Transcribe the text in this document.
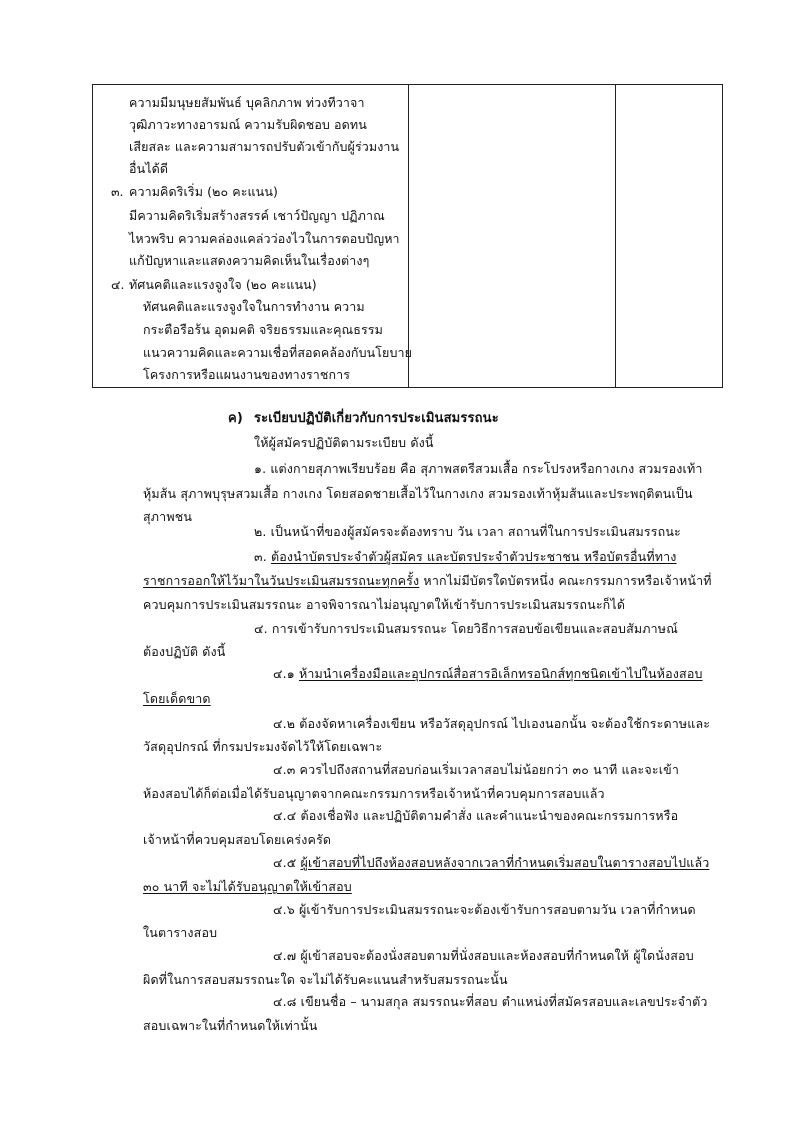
ความมีมนุษยสัมพันธ์ บุคลิกภาพ ท่วงทีวาจา
วุฒิภาวะทางอารมณ์ ความรับผิดชอบ อดทน
เสียสละ และความสามารถปรับตัวเข้ากับผู้ร่วมงาน
อื่นได้ดี
๓. ความคิดริเริ่ม (๒๐ คะแนน)
มีความคิดริเริ่มสร้างสรรค์ เชาว์ปัญญา ปฏิภาณ
ไหวพริบ ความคล่องแคล่วว่องไวในการตอบปัญหา
แก้ปัญหาและแสดงความคิดเห็นในเรื่องต่างๆ
๔. ทัศนคติและแรงจูงใจ (๒๐ คะแนน)
ทัศนคติและแรงจูงใจในการทำงาน ความ
กระตือรือร้น อุดมคติ จริยธรรมและคุณธรรม
แนวความคิดและความเชื่อที่สอดคล้องกับนโยบาย
โครงการหรือแผนงานของทางราชการ
ค) ระเบียบปฏิบัติเกี่ยวกับการประเมินสมรรถนะ
ให้ผู้สมัครปฏิบัติตามระเบียบ ดังนี้
๑. แต่งกายสุภาพเรียบร้อย คือ สุภาพสตรีสวมเสื้อ กระโปรงหรือกางเกง สวมรองเท้า
หุ้มส้น สุภาพบุรุษสวมเสื้อ กางเกง โดยสอดชายเสื้อไว้ในกางเกง สวมรองเท้าหุ้มส้นและประพฤติตนเป็น
สุภาพชน
๒. เป็นหน้าที่ของผู้สมัครจะต้องทราบ วัน เวลา สถานที่ในการประเมินสมรรถนะ
๓. ต้องนำบัตรประจำตัวผู้สมัคร และบัตรประจำตัวประชาชน หรือบัตรอื่นที่ทาง
ราชการออกให้ไว้มาในวันประเมินสมรรถนะทุกครั้ง หากไม่มีบัตรใดบัตรหนึ่ง คณะกรรมการหรือเจ้าหน้าที่
ควบคุมการประเมินสมรรถนะ อาจพิจารณาไม่อนุญาตให้เข้ารับการประเมินสมรรถนะก็ได้
๔. การเข้ารับการประเมินสมรรถนะ โดยวิธีการสอบข้อเขียนและสอบสัมภาษณ์
ต้องปฏิบัติ ดังนี้
๔.๑ ห้ามนำเครื่องมือและอุปกรณ์สื่อสารอิเล็กทรอนิกส์ทุกชนิดเข้าไปในห้องสอบ
โดยเด็ดขาด
๔.๒ ต้องจัดหาเครื่องเขียน หรือวัสดุอุปกรณ์ ไปเองนอกนั้น จะต้องใช้กระดาษและ
วัสดุอุปกรณ์ ที่กรมประมงจัดไว้ให้โดยเฉพาะ
๔.๓ ควรไปถึงสถานที่สอบก่อนเริ่มเวลาสอบไม่น้อยกว่า ๓๐ นาที และจะเข้า
ห้องสอบได้ก็ต่อเมื่อได้รับอนุญาตจากคณะกรรมการหรือเจ้าหน้าที่ควบคุมการสอบแล้ว
๔.๔ ต้องเชื่อฟัง และปฏิบัติตามคำสั่ง และคำแนะนำของคณะกรรมการหรือ
เจ้าหน้าที่ควบคุมสอบโดยเคร่งครัด
๔.๕ ผู้เข้าสอบที่ไปถึงห้องสอบหลังจากเวลาที่กำหนดเริ่มสอบในตารางสอบไปแล้ว
๓๐ นาที จะไม่ได้รับอนุญาตให้เข้าสอบ
๔.๖ ผู้เข้ารับการประเมินสมรรถนะจะต้องเข้ารับการสอบตามวัน เวลาที่กำหนด
ในตารางสอบ
๔.๗ ผู้เข้าสอบจะต้องนั่งสอบตามที่นั่งสอบและห้องสอบที่กำหนดให้ ผู้ใดนั่งสอบ
ผิดที่ในการสอบสมรรถนะใด จะไม่ได้รับคะแนนสำหรับสมรรถนะนั้น
๔.๘ เขียนชื่อ – นามสกุล สมรรถนะที่สอบ ตำแหน่งที่สมัครสอบและเลขประจำตัว
สอบเฉพาะในที่กำหนดให้เท่านั้น
